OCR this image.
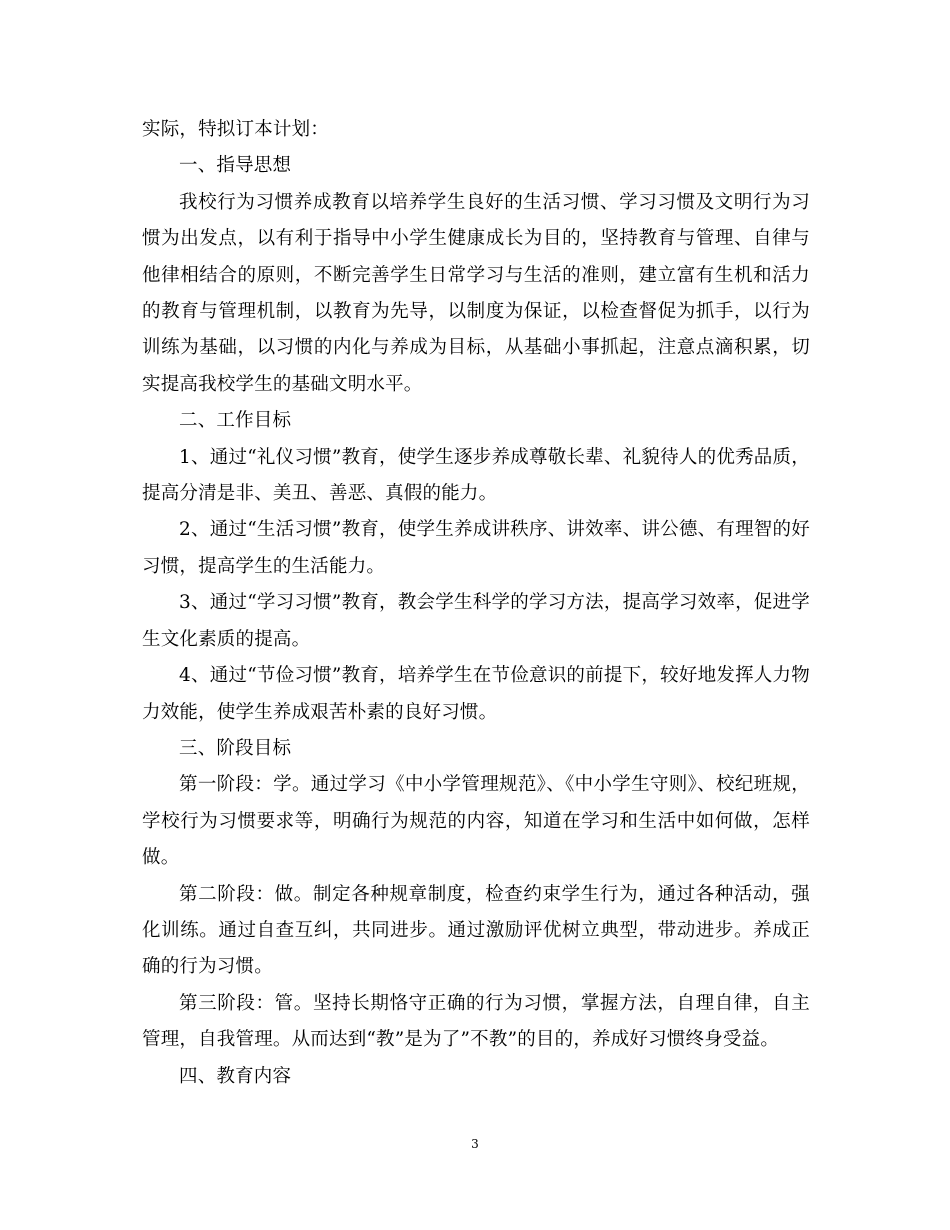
实际，特拟订本计划：

一、指导思想

我校行为习惯养成教育以培养学生良好的生活习惯、学习习惯及文明行为习惯为出发点，以有利于指导中小学生健康成长为目的，坚持教育与管理、自律与他律相结合的原则，不断完善学生日常学习与生活的准则，建立富有生机和活力的教育与管理机制，以教育为先导，以制度为保证，以检查督促为抓手，以行为训练为基础，以习惯的内化与养成为目标，从基础小事抓起，注意点滴积累，切实提高我校学生的基础文明水平。

二、工作目标

1、通过“礼仪习惯”教育，使学生逐步养成尊敬长辈、礼貌待人的优秀品质，提高分清是非、美丑、善恶、真假的能力。

2、通过“生活习惯”教育，使学生养成讲秩序、讲效率、讲公德、有理智的好习惯，提高学生的生活能力。

3、通过“学习习惯”教育，教会学生科学的学习方法，提高学习效率，促进学生文化素质的提高。

4、通过“节俭习惯”教育，培养学生在节俭意识的前提下，较好地发挥人力物力效能，使学生养成艰苦朴素的良好习惯。

三、阶段目标

第一阶段：学。通过学习《中小学管理规范》、《中小学生守则》、校纪班规，学校行为习惯要求等，明确行为规范的内容，知道在学习和生活中如何做，怎样做。

第二阶段：做。制定各种规章制度，检查约束学生行为，通过各种活动，强化训练。通过自查互纠，共同进步。通过激励评优树立典型，带动进步。养成正确的行为习惯。

第三阶段：管。坚持长期恪守正确的行为习惯，掌握方法，自理自律，自主管理，自我管理。从而达到“教”是为了”不教”的目的，养成好习惯终身受益。

四、教育内容

3
